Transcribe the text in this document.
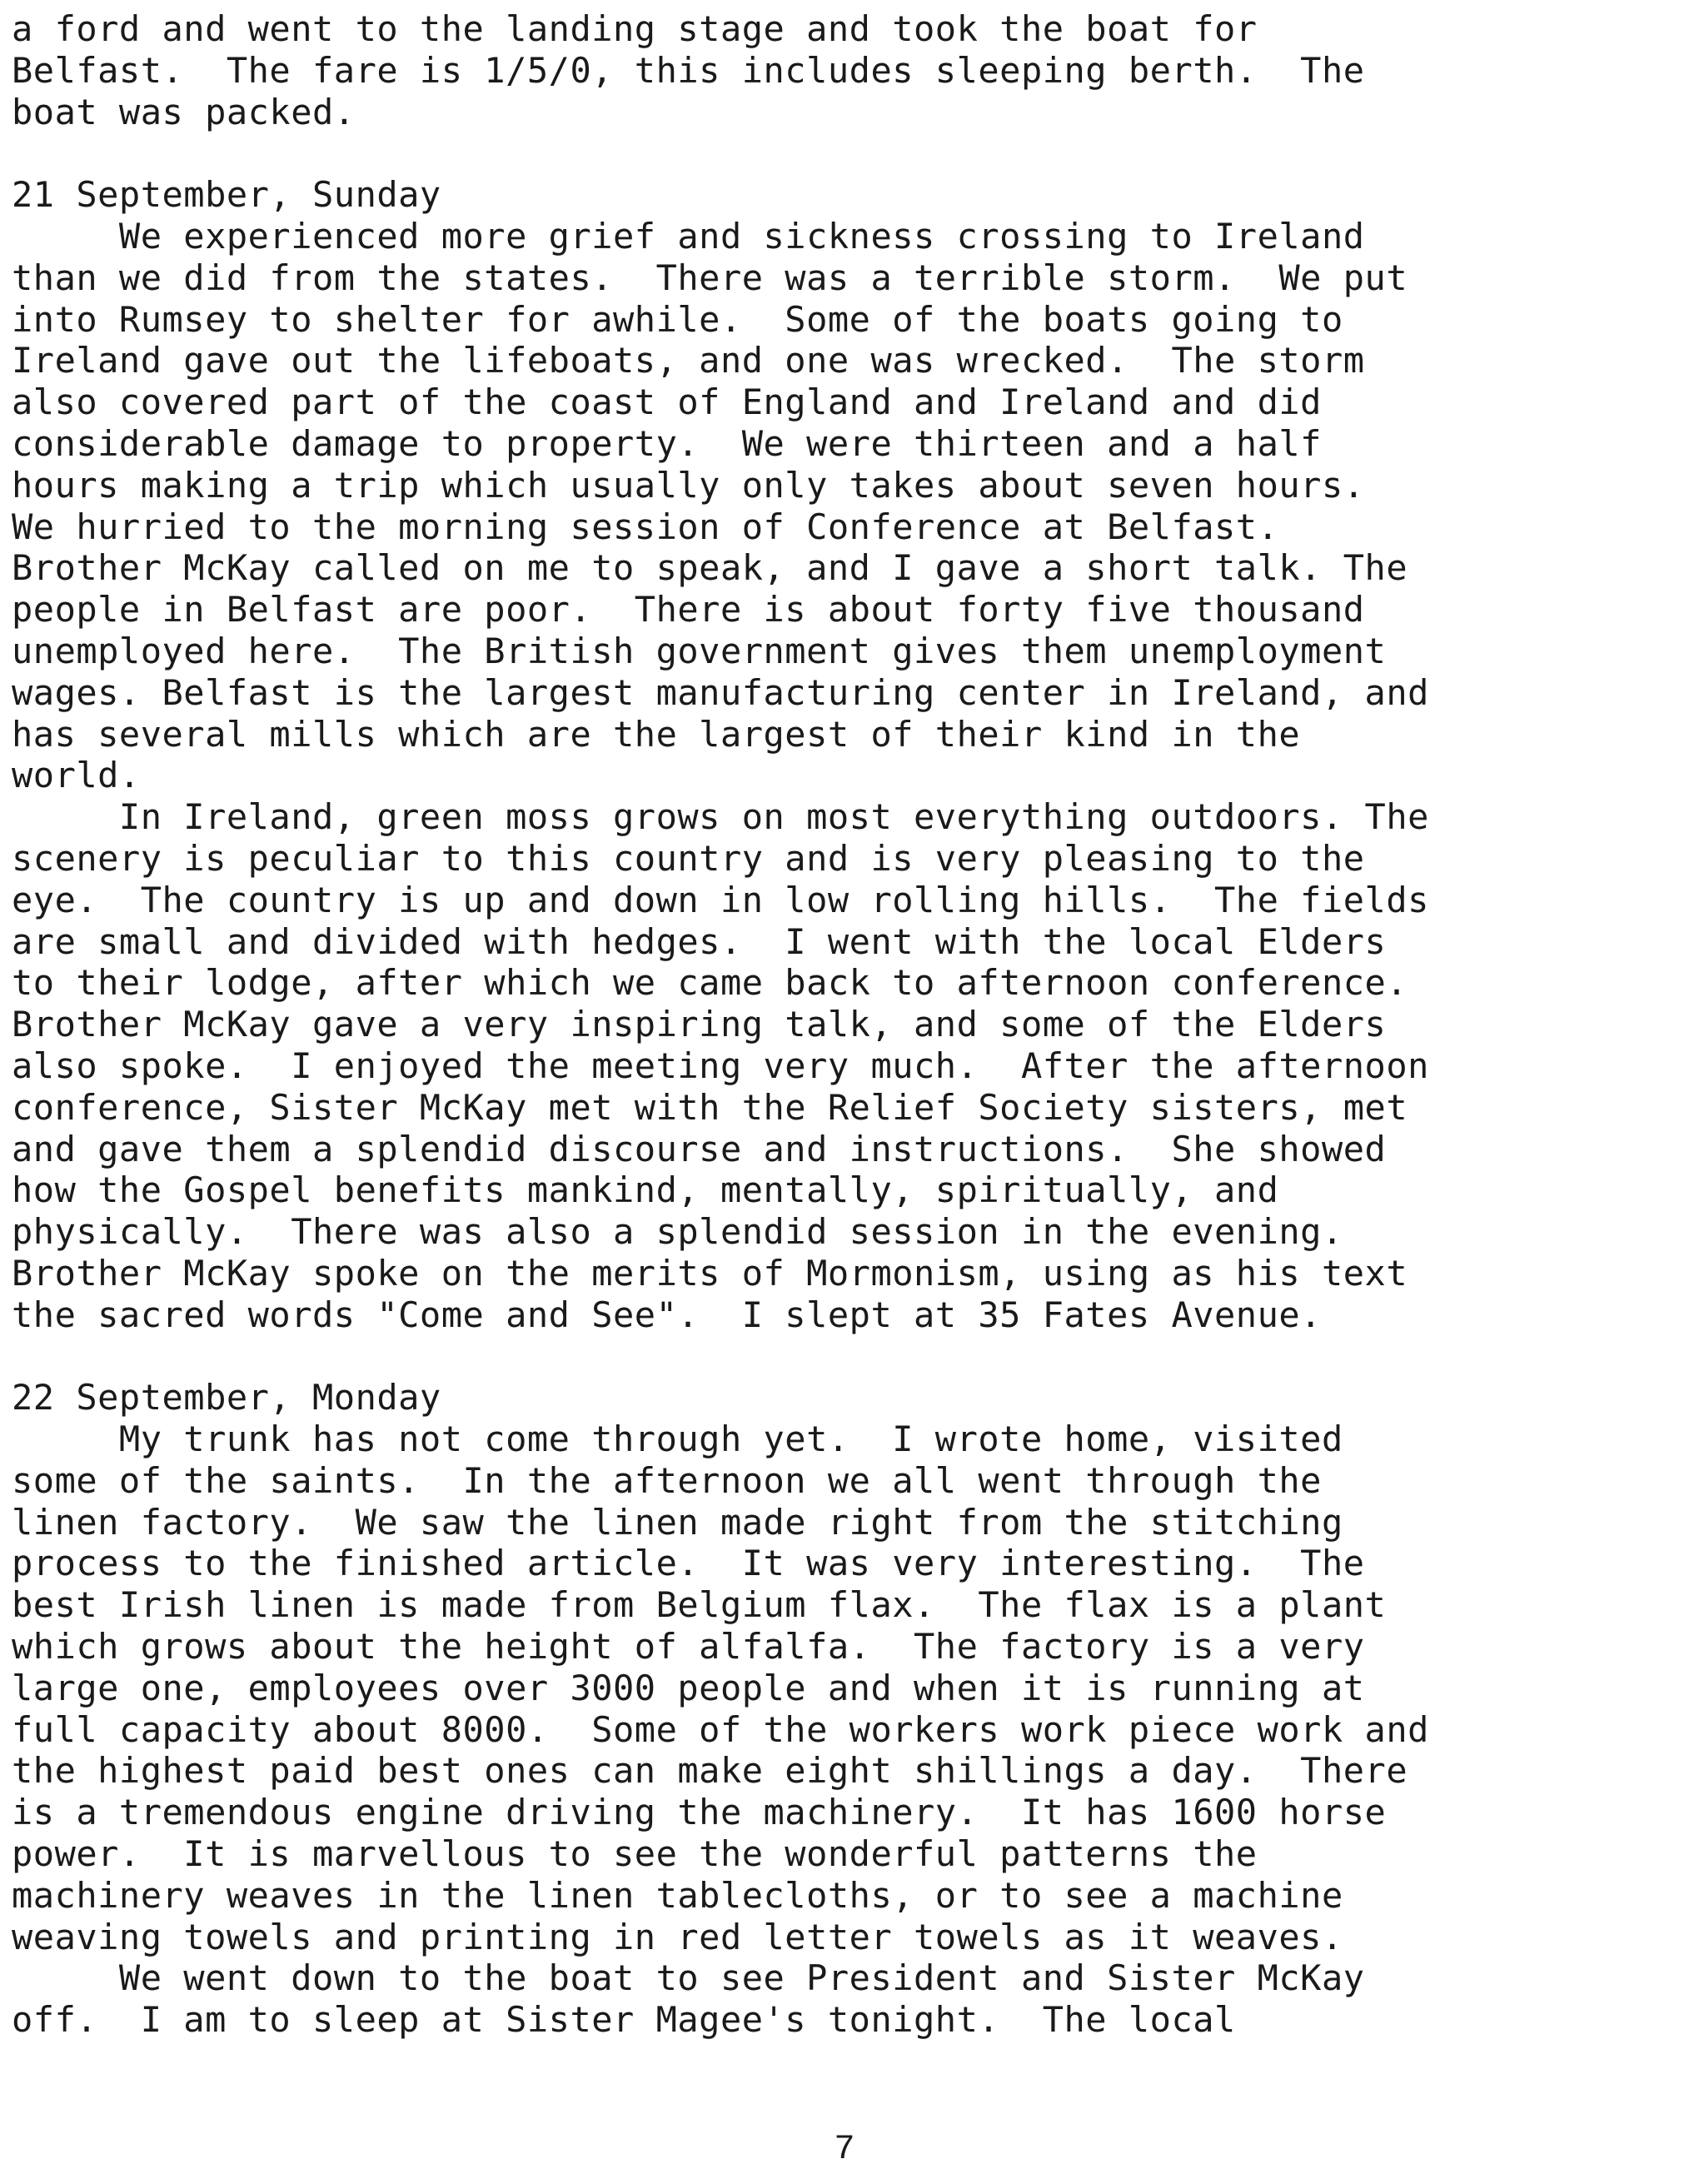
a ford and went to the landing stage and took the boat for
Belfast.  The fare is 1/5/0, this includes sleeping berth.  The
boat was packed.
21 September, Sunday
We experienced more grief and sickness crossing to Ireland
than we did from the states.  There was a terrible storm.  We put
into Rumsey to shelter for awhile.  Some of the boats going to
Ireland gave out the lifeboats, and one was wrecked.  The storm
also covered part of the coast of England and Ireland and did
considerable damage to property.  We were thirteen and a half
hours making a trip which usually only takes about seven hours.
We hurried to the morning session of Conference at Belfast.
Brother McKay called on me to speak, and I gave a short talk. The
people in Belfast are poor.  There is about forty five thousand
unemployed here.  The British government gives them unemployment
wages. Belfast is the largest manufacturing center in Ireland, and
has several mills which are the largest of their kind in the
world.
In Ireland, green moss grows on most everything outdoors. The
scenery is peculiar to this country and is very pleasing to the
eye.  The country is up and down in low rolling hills.  The fields
are small and divided with hedges.  I went with the local Elders
to their lodge, after which we came back to afternoon conference.
Brother McKay gave a very inspiring talk, and some of the Elders
also spoke.  I enjoyed the meeting very much.  After the afternoon
conference, Sister McKay met with the Relief Society sisters, met
and gave them a splendid discourse and instructions.  She showed
how the Gospel benefits mankind, mentally, spiritually, and
physically.  There was also a splendid session in the evening.
Brother McKay spoke on the merits of Mormonism, using as his text
the sacred words "Come and See".  I slept at 35 Fates Avenue.
22 September, Monday
My trunk has not come through yet.  I wrote home, visited
some of the saints.  In the afternoon we all went through the
linen factory.  We saw the linen made right from the stitching
process to the finished article.  It was very interesting.  The
best Irish linen is made from Belgium flax.  The flax is a plant
which grows about the height of alfalfa.  The factory is a very
large one, employees over 3000 people and when it is running at
full capacity about 8000.  Some of the workers work piece work and
the highest paid best ones can make eight shillings a day.  There
is a tremendous engine driving the machinery.  It has 1600 horse
power.  It is marvellous to see the wonderful patterns the
machinery weaves in the linen tablecloths, or to see a machine
weaving towels and printing in red letter towels as it weaves.
We went down to the boat to see President and Sister McKay
off.  I am to sleep at Sister Magee's tonight.  The local
7
